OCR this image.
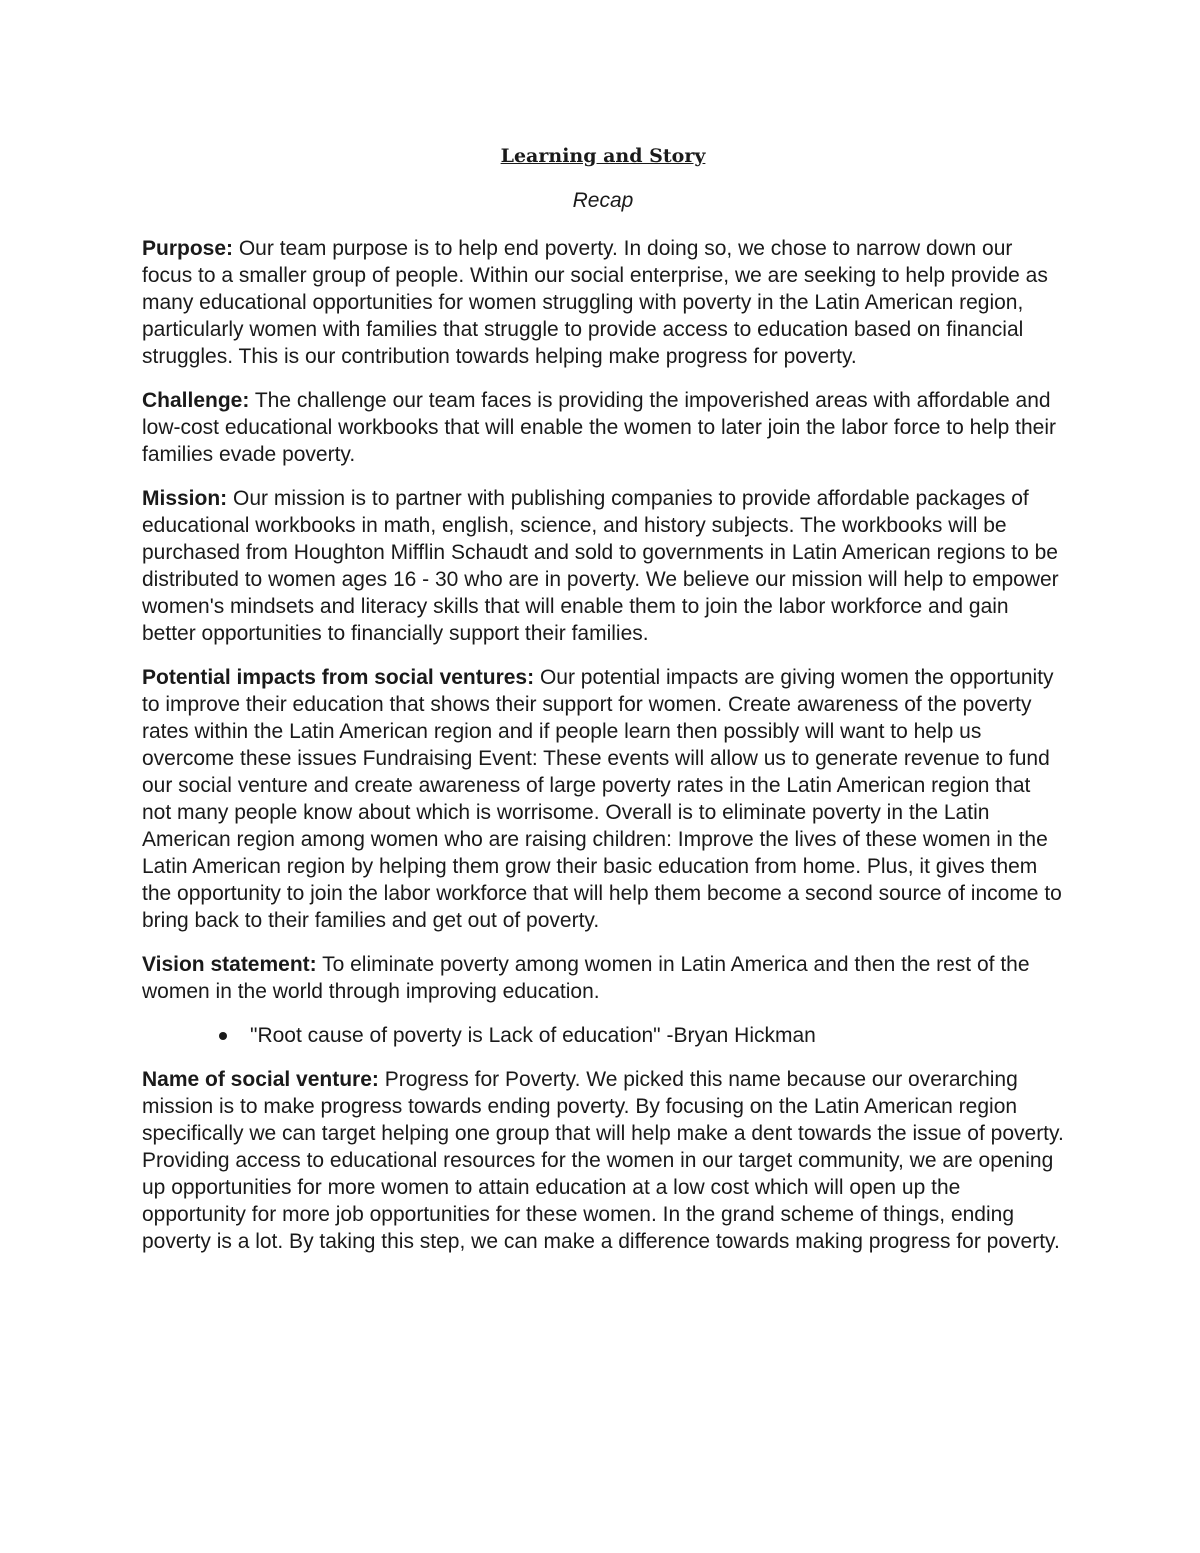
Learning and Story
Recap

Purpose: Our team purpose is to help end poverty. In doing so, we chose to narrow down our focus to a smaller group of people. Within our social enterprise, we are seeking to help provide as many educational opportunities for women struggling with poverty in the Latin American region, particularly women with families that struggle to provide access to education based on financial struggles. This is our contribution towards helping make progress for poverty.

Challenge: The challenge our team faces is providing the impoverished areas with affordable and low-cost educational workbooks that will enable the women to later join the labor force to help their families evade poverty.

Mission: Our mission is to partner with publishing companies to provide affordable packages of educational workbooks in math, english, science, and history subjects. The workbooks will be purchased from Houghton Mifflin Schaudt and sold to governments in Latin American regions to be distributed to women ages 16 - 30 who are in poverty. We believe our mission will help to empower women's mindsets and literacy skills that will enable them to join the labor workforce and gain better opportunities to financially support their families.

Potential impacts from social ventures: Our potential impacts are giving women the opportunity to improve their education that shows their support for women. Create awareness of the poverty rates within the Latin American region and if people learn then possibly will want to help us overcome these issues Fundraising Event: These events will allow us to generate revenue to fund our social venture and create awareness of large poverty rates in the Latin American region that not many people know about which is worrisome. Overall is to eliminate poverty in the Latin American region among women who are raising children: Improve the lives of these women in the Latin American region by helping them grow their basic education from home. Plus, it gives them the opportunity to join the labor workforce that will help them become a second source of income to bring back to their families and get out of poverty.

Vision statement: To eliminate poverty among women in Latin America and then the rest of the women in the world through improving education.

"Root cause of poverty is Lack of education" -Bryan Hickman

Name of social venture: Progress for Poverty. We picked this name because our overarching mission is to make progress towards ending poverty. By focusing on the Latin American region specifically we can target helping one group that will help make a dent towards the issue of poverty. Providing access to educational resources for the women in our target community, we are opening up opportunities for more women to attain education at a low cost which will open up the opportunity for more job opportunities for these women. In the grand scheme of things, ending poverty is a lot. By taking this step, we can make a difference towards making progress for poverty.
